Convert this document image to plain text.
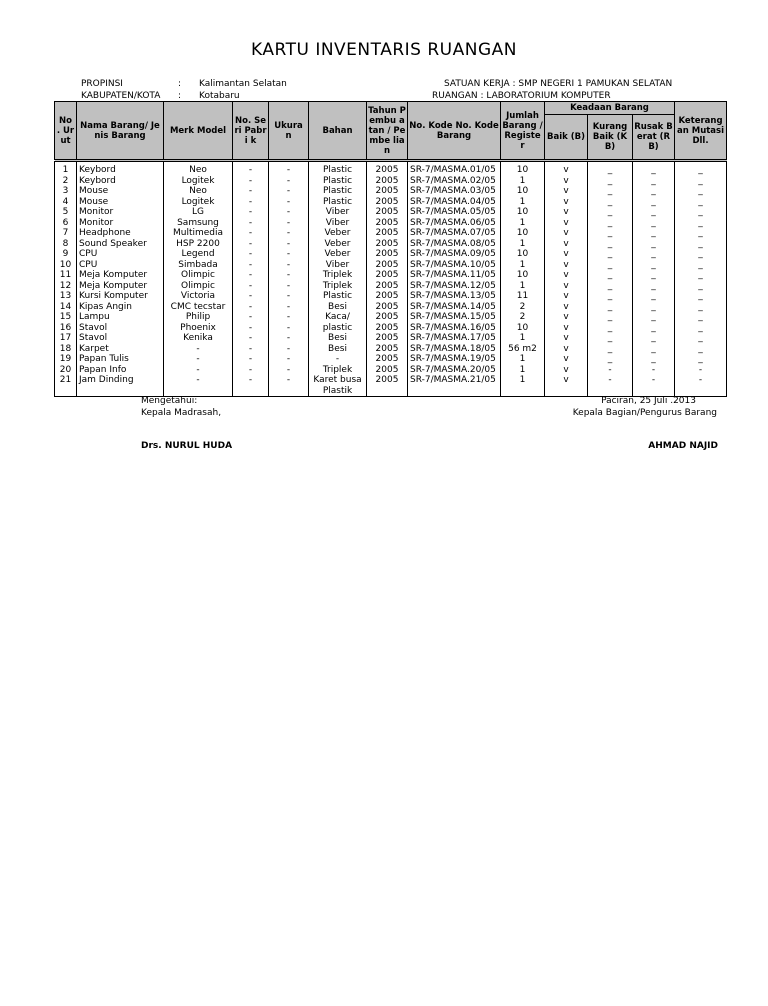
KARTU INVENTARIS RUANGAN
PROPINSI	: Kalimantan Selatan	SATUAN KERJA : SMP NEGERI 1 PAMUKAN SELATAN
KABUPATEN/KOTA : Kotabaru	RUANGAN : LABORATORIUM KOMPUTER
No . Ur ut	Nama Barang/ Jenis Barang	Merk Model	No. Seri Pabri k	Ukura n	Bahan	Tahun Pembu atan / Pembe lian	No. Kode No. Kode Barang	Jumlah Barang / Registe r	Keadaan Barang			Keterang an Mutasi Dll.
									Baik (B)	Kurang Baik (KB)	Rusak Berat (RB)	
1	Keybord	Neo	-	-	Plastic	2005	SR-7/MASMA.01/05	10	v	_	_	_
2	Keybord	Logitek	-	-	Plastic	2005	SR-7/MASMA.02/05	1	v	_	_	_
3	Mouse	Neo	-	-	Plastic	2005	SR-7/MASMA.03/05	10	v	_	_	_
4	Mouse	Logitek	-	-	Plastic	2005	SR-7/MASMA.04/05	1	v	_	_	_
5	Monitor	LG	-	-	Viber	2005	SR-7/MASMA.05/05	10	v	_	_	_
6	Monitor	Samsung	-	-	Viber	2005	SR-7/MASMA.06/05	1	v	_	_	_
7	Headphone	Multimedia	-	-	Veber	2005	SR-7/MASMA.07/05	10	v	_	_	_
8	Sound Speaker	HSP 2200	-	-	Veber	2005	SR-7/MASMA.08/05	1	v	_	_	_
9	CPU	Legend	-	-	Veber	2005	SR-7/MASMA.09/05	10	v	_	_	_
10	CPU	Simbada	-	-	Viber	2005	SR-7/MASMA.10/05	1	v	_	_	_
11	Meja Komputer	Olimpic	-	-	Triplek	2005	SR-7/MASMA.11/05	10	v	_	_	_
12	Meja Komputer	Olimpic	-	-	Triplek	2005	SR-7/MASMA.12/05	1	v	_	_	_
13	Kursi Komputer	Victoria	-	-	Plastic	2005	SR-7/MASMA.13/05	11	v	_	_	_
14	Kipas Angin	CMC tecstar	-	-	Besi	2005	SR-7/MASMA.14/05	2	v	_	_	_
15	Lampu	Philip	-	-	Kaca/	2005	SR-7/MASMA.15/05	2	v	_	_	_
16	Stavol	Phoenix	-	-	plastic	2005	SR-7/MASMA.16/05	10	v	_	_	_
17	Stavol	Kenika	-	-	Besi	2005	SR-7/MASMA.17/05	1	v	_	_	_
18	Karpet	-	-	-	Besi	2005	SR-7/MASMA.18/05	56 m2	v	_	_	_
19	Papan Tulis	-	-	-	-	2005	SR-7/MASMA.19/05	1	v	_	_	_
20	Papan Info	-	-	-	Triplek	2005	SR-7/MASMA.20/05	1	v	-	-	-
21	Jam Dinding	-	-	-	Karet busa	2005	SR-7/MASMA.21/05	1	v	-	-	-
					Plastik							
Mengetahui:
Kepala Madrasah,
Drs. NURUL HUDA
Paciran, 25 Juli .2013
Kepala Bagian/Pengurus Barang
AHMAD NAJID
